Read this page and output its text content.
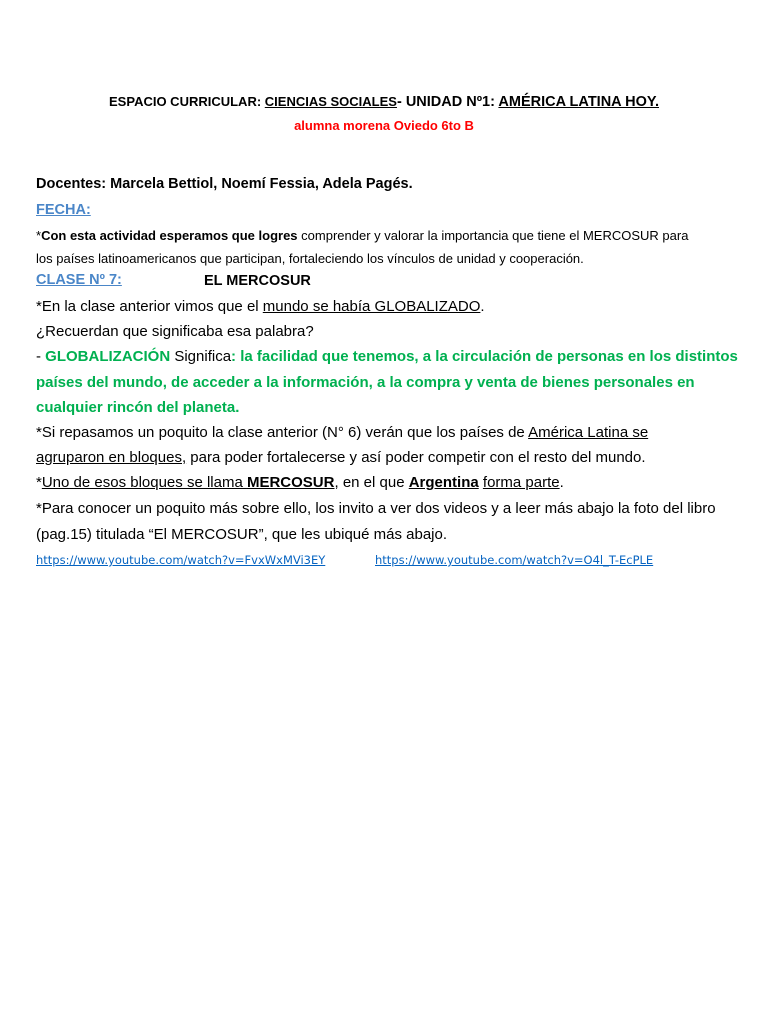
ESPACIO CURRICULAR: CIENCIAS SOCIALES- UNIDAD Nº1: AMÉRICA LATINA HOY.
alumna morena Oviedo 6to B
Docentes: Marcela Bettiol, Noemí Fessia, Adela Pagés.
FECHA:
*Con esta actividad esperamos que logres comprender y valorar la importancia que tiene el MERCOSUR para
los países latinoamericanos que participan, fortaleciendo los vínculos de unidad y cooperación.
CLASE Nº 7:	EL MERCOSUR
*En la clase anterior vimos que el mundo se había GLOBALIZADO.
¿Recuerdan que significaba esa palabra?
- GLOBALIZACIÓN Significa: la facilidad que tenemos, a la circulación de personas en los distintos
países del mundo, de acceder a la información, a la compra y venta de bienes personales en
cualquier rincón del planeta.
*Si repasamos un poquito la clase anterior (N° 6) verán que los países de América Latina se
agruparon en bloques, para poder fortalecerse y así poder competir con el resto del mundo.
*Uno de esos bloques se llama MERCOSUR, en el que Argentina forma parte.
*Para conocer un poquito más sobre ello, los invito a ver dos videos y a leer más abajo la foto del libro
(pag.15) titulada “El MERCOSUR”, que les ubiqué más abajo.
https://www.youtube.com/watch?v=FvxWxMVi3EY	https://www.youtube.com/watch?v=O4l_T-EcPLE
